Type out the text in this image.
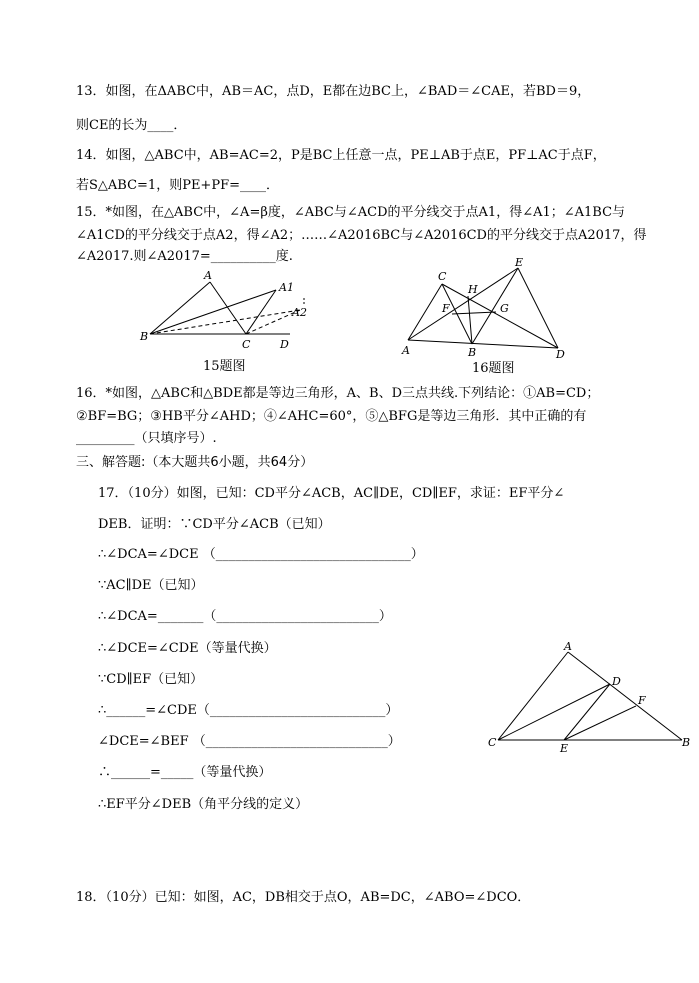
13．如图，在ΔABC中，AB＝AC，点D，E都在边BC上，∠BAD＝∠CAE，若BD＝9，
则CE的长为____．
14．如图，△ABC中，AB=AC=2，P是BC上任意一点，PE⊥AB于点E，PF⊥AC于点F，
若S△ABC=1，则PE+PF=____．
15．*如图，在△ABC中，∠A=β度，∠ABC与∠ACD的平分线交于点A1，得∠A1；∠A1BC与
∠A1CD的平分线交于点A2，得∠A2；……∠A2016BC与∠A2016CD的平分线交于点A2017，得
∠A2017.则∠A2017=__________度.
A
A1
A2
B
C	D
15题图
A	B
C
D
E
F	G
H
16题图
16．*如图，△ABC和△BDE都是等边三角形，A、B、D三点共线.下列结论：①AB=CD；
②BF=BG；③HB平分∠AHD；④∠AHC=60°，⑤△BFG是等边三角形．其中正确的有
_________（只填序号）.
三、解答题:（本大题共6小题，共64分）
17．（10分）如图，已知：CD平分∠ACB，AC∥DE，CD∥EF，求证：EF平分∠
DEB．证明：∵CD平分∠ACB（已知）
∴∠DCA=∠DCE （______________________________）
∵AC∥DE（已知）
∴∠DCA=_______（_________________________）
∴∠DCE=∠CDE（等量代换）
∵CD∥EF（已知）
∴______=∠CDE（___________________________）
∠DCE=∠BEF （____________________________）
∴______=_____（等量代换）
∴EF平分∠DEB（角平分线的定义）
A
C
D
E
F
B
18．（10分）已知：如图，AC，DB相交于点O，AB=DC，∠ABO=∠DCO．
